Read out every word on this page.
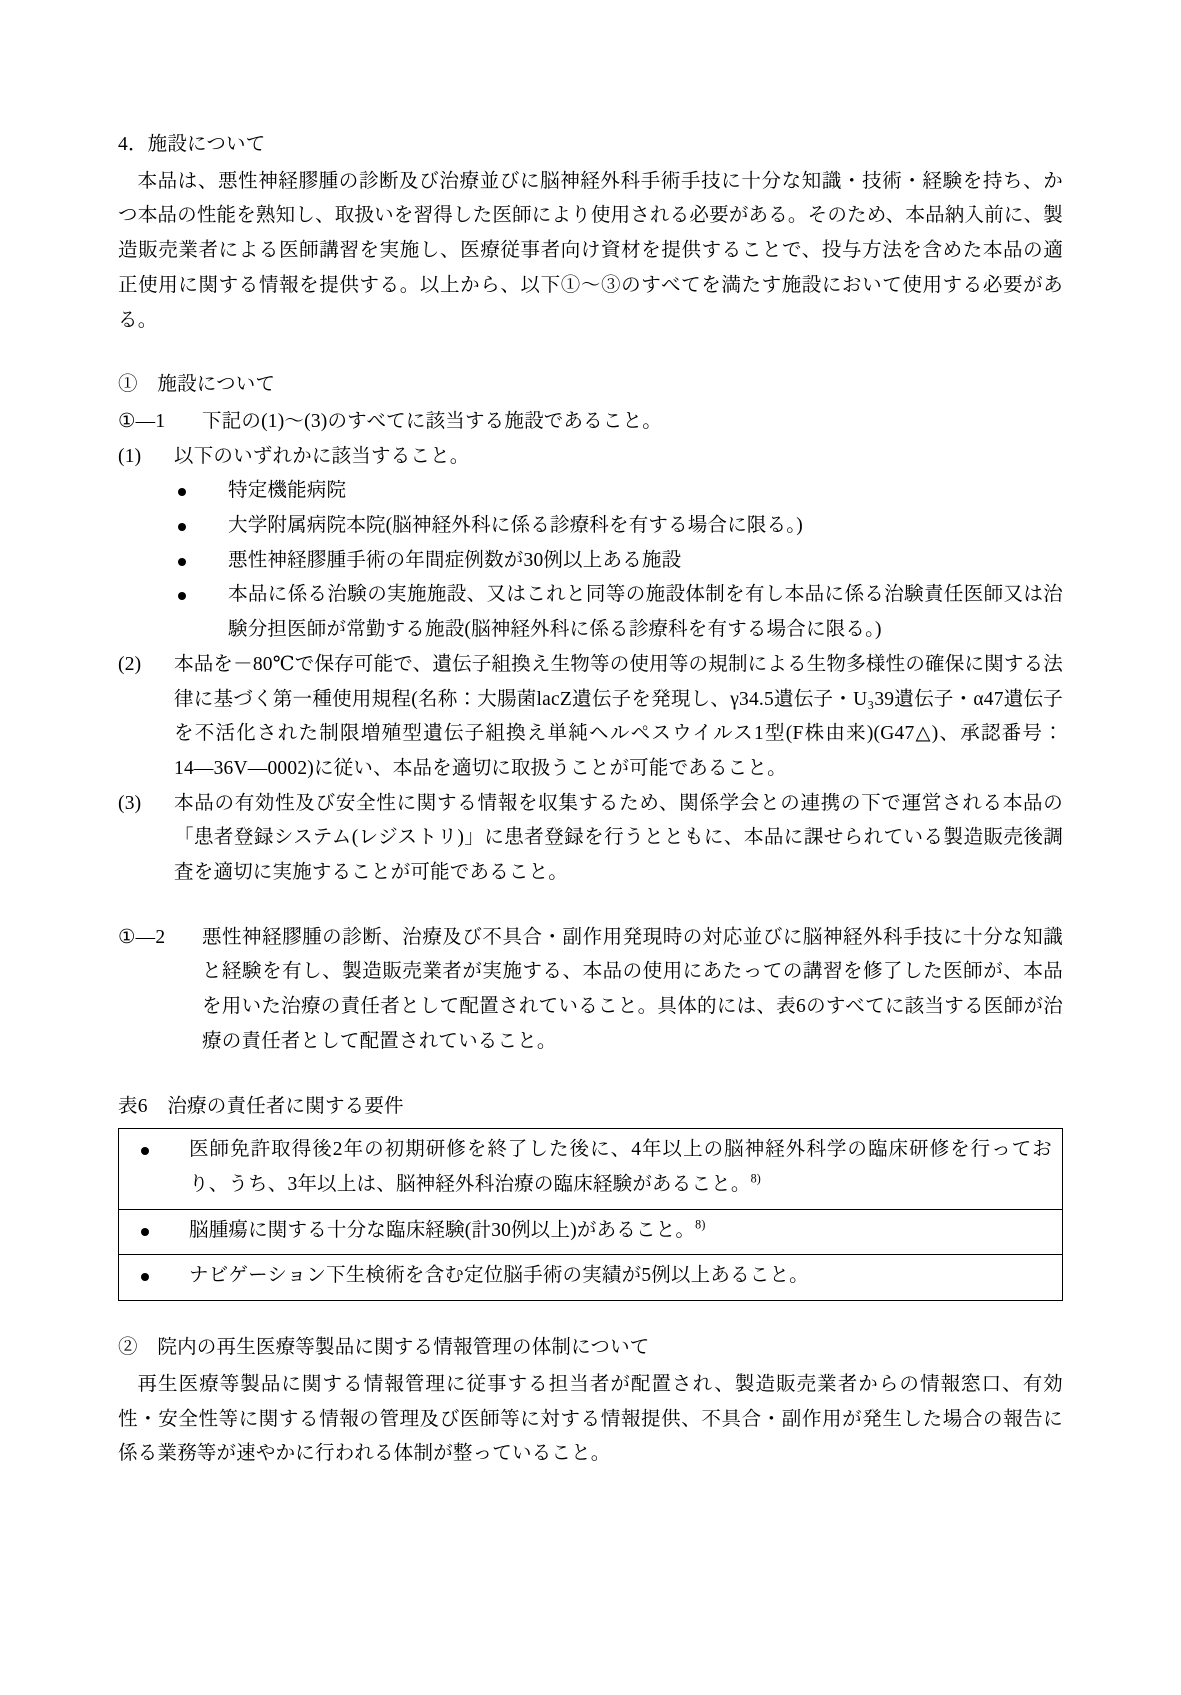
4．施設について

本品は、悪性神経膠腫の診断及び治療並びに脳神経外科手術手技に十分な知識・技術・経験を持ち、かつ本品の性能を熟知し、取扱いを習得した医師により使用される必要がある。そのため、本品納入前に、製造販売業者による医師講習を実施し、医療従事者向け資材を提供することで、投与方法を含めた本品の適正使用に関する情報を提供する。以上から、以下①～③のすべてを満たす施設において使用する必要がある。

①　施設について

①―1	下記の(1)～(3)のすべてに該当する施設であること。
(1)	以下のいずれかに該当すること。
特定機能病院
大学附属病院本院(脳神経外科に係る診療科を有する場合に限る。)
悪性神経膠腫手術の年間症例数が30例以上ある施設
本品に係る治験の実施施設、又はこれと同等の施設体制を有し本品に係る治験責任医師又は治験分担医師が常勤する施設(脳神経外科に係る診療科を有する場合に限る。)
(2)	本品を－80℃で保存可能で、遺伝子組換え生物等の使用等の規制による生物多様性の確保に関する法律に基づく第一種使用規程(名称：大腸菌lacZ遺伝子を発現し、γ34.5遺伝子・U₃39遺伝子・α47遺伝子を不活化された制限増殖型遺伝子組換え単純ヘルペスウイルス1型(F株由来)(G47△)、承認番号：14―36V―0002)に従い、本品を適切に取扱うことが可能であること。
(3)	本品の有効性及び安全性に関する情報を収集するため、関係学会との連携の下で運営される本品の「患者登録システム(レジストリ)」に患者登録を行うとともに、本品に課せられている製造販売後調査を適切に実施することが可能であること。
①―2	悪性神経膠腫の診断、治療及び不具合・副作用発現時の対応並びに脳神経外科手技に十分な知識と経験を有し、製造販売業者が実施する、本品の使用にあたっての講習を修了した医師が、本品を用いた治療の責任者として配置されていること。具体的には、表6のすべてに該当する医師が治療の責任者として配置されていること。

表6　治療の責任者に関する要件

医師免許取得後2年の初期研修を終了した後に、4年以上の脳神経外科学の臨床研修を行っており、うち、3年以上は、脳神経外科治療の臨床経験があること。$^{8)}$

脳腫瘍に関する十分な臨床経験(計30例以上)があること。$^{8)}$

ナビゲーション下生検術を含む定位脳手術の実績が5例以上あること。

②　院内の再生医療等製品に関する情報管理の体制について

再生医療等製品に関する情報管理に従事する担当者が配置され、製造販売業者からの情報窓口、有効性・安全性等に関する情報の管理及び医師等に対する情報提供、不具合・副作用が発生した場合の報告に係る業務等が速やかに行われる体制が整っていること。
